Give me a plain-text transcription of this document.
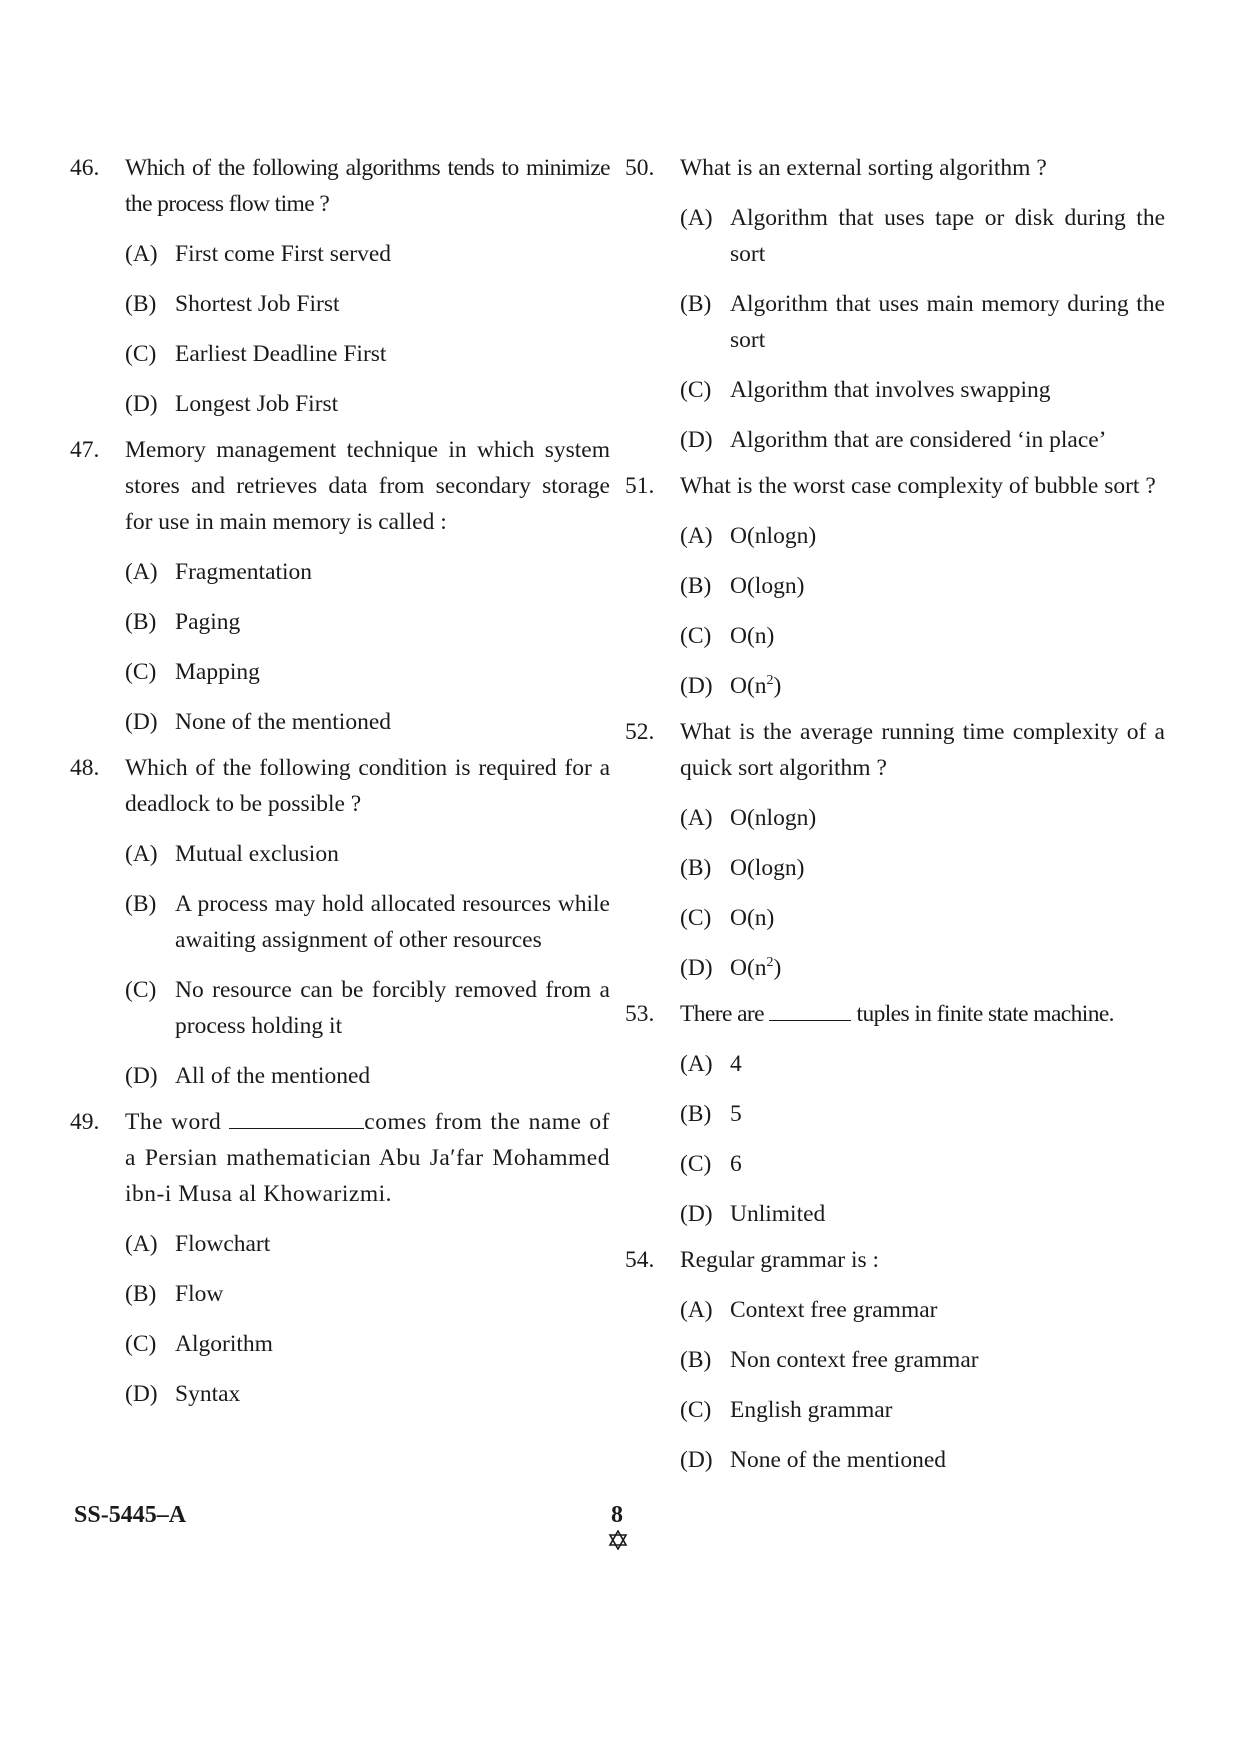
46. Which of the following algorithms tends to minimize the process flow time ?
(A) First come First served
(B) Shortest Job First
(C) Earliest Deadline First
(D) Longest Job First
47. Memory management technique in which system stores and retrieves data from secondary storage for use in main memory is called :
(A) Fragmentation
(B) Paging
(C) Mapping
(D) None of the mentioned
48. Which of the following condition is required for a deadlock to be possible ?
(A) Mutual exclusion
(B) A process may hold allocated resources while awaiting assignment of other resources
(C) No resource can be forcibly removed from a process holding it
(D) All of the mentioned
49. The word	comes from the name of a Persian mathematician Abu Ja′far Mohammed ibn-i Musa al Khowarizmi.
(A) Flowchart
(B) Flow
(C) Algorithm
(D) Syntax
50. What is an external sorting algorithm ?
(A) Algorithm that uses tape or disk during the sort
(B) Algorithm that uses main memory during the sort
(C) Algorithm that involves swapping
(D) Algorithm that are considered ‘in place’
51. What is the worst case complexity of bubble sort ?
(A) O(nlogn)
(B) O(logn)
(C) O(n)
(D) $O(n^2)$
52. What is the average running time complexity of a quick sort algorithm ?
(A) O(nlogn)
(B) O(logn)
(C) O(n)
(D) $O(n^2)$
53. There are	tuples in finite state machine.
(A) 4
(B) 5
(C) 6
(D) Unlimited
54. Regular grammar is :
(A) Context free grammar
(B) Non context free grammar
(C) English grammar
(D) None of the mentioned
SS-5445–A	8
